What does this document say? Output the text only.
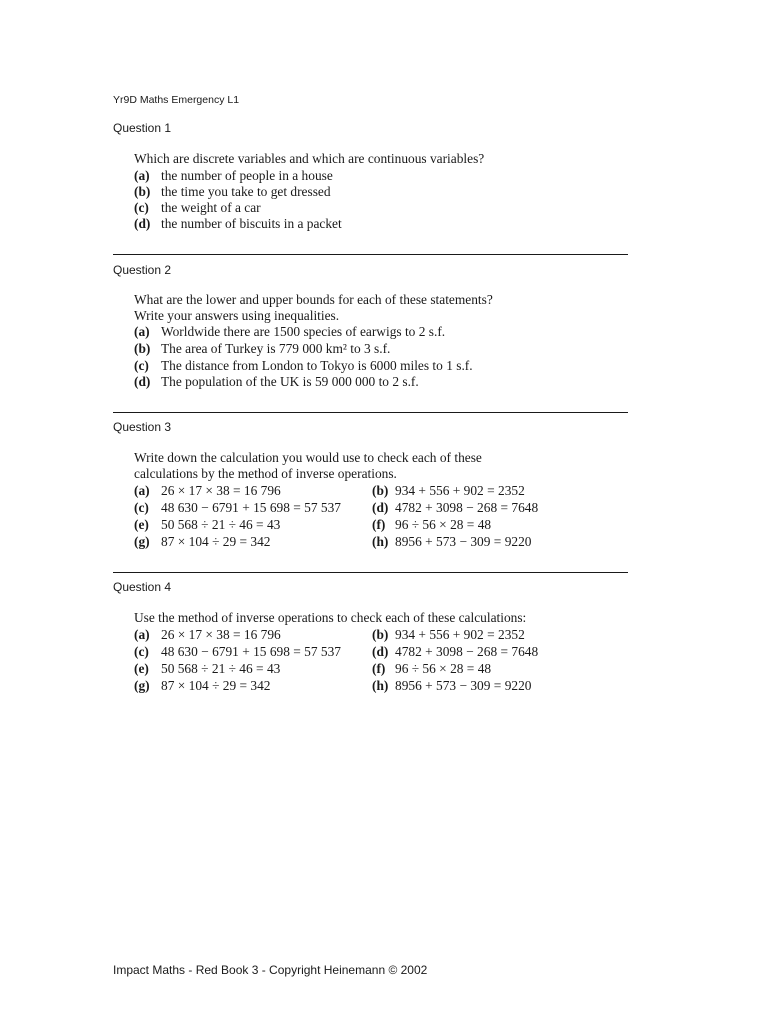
Yr9D Maths Emergency L1
Question 1
Which are discrete variables and which are continuous variables?
(a) the number of people in a house
(b) the time you take to get dressed
(c) the weight of a car
(d) the number of biscuits in a packet
Question 2
What are the lower and upper bounds for each of these statements?
Write your answers using inequalities.
(a) Worldwide there are 1500 species of earwigs to 2 s.f.
(b) The area of Turkey is 779 000 km² to 3 s.f.
(c) The distance from London to Tokyo is 6000 miles to 1 s.f.
(d) The population of the UK is 59 000 000 to 2 s.f.
Question 3
Write down the calculation you would use to check each of these
calculations by the method of inverse operations.
(a) 26 × 17 × 38 = 16 796	(b) 934 + 556 + 902 = 2352
(c) 48 630 − 6791 + 15 698 = 57 537 (d) 4782 + 3098 − 268 = 7648
(e) 50 568 ÷ 21 ÷ 46 = 43	(f) 96 ÷ 56 × 28 = 48
(g) 87 × 104 ÷ 29 = 342	(h) 8956 + 573 − 309 = 9220
Question 4
Use the method of inverse operations to check each of these calculations:
(a) 26 × 17 × 38 = 16 796	(b) 934 + 556 + 902 = 2352
(c) 48 630 − 6791 + 15 698 = 57 537 (d) 4782 + 3098 − 268 = 7648
(e) 50 568 ÷ 21 ÷ 46 = 43	(f) 96 ÷ 56 × 28 = 48
(g) 87 × 104 ÷ 29 = 342	(h) 8956 + 573 − 309 = 9220
Impact Maths - Red Book 3 - Copyright Heinemann © 2002
